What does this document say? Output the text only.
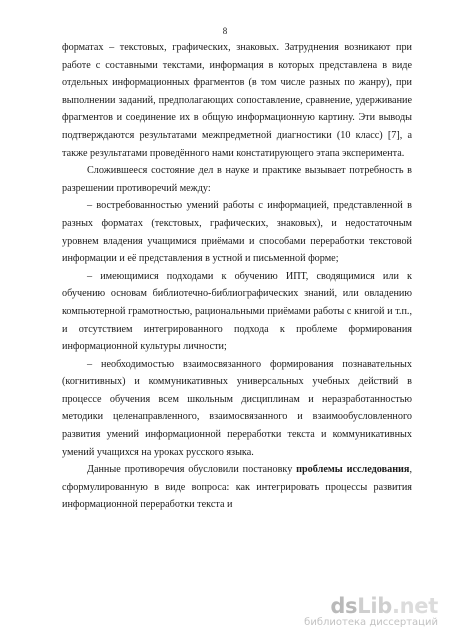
8

форматах – текстовых, графических, знаковых. Затруднения возникают при работе с составными текстами, информация в которых представлена в виде отдельных информационных фрагментов (в том числе разных по жанру), при выполнении заданий, предполагающих сопоставление, сравнение, удерживание фрагментов и соединение их в общую информационную картину. Эти выводы подтверждаются результатами межпредметной диагностики (10 класс) [7], а также результатами проведённого нами констатирующего этапа эксперимента.

Сложившееся состояние дел в науке и практике вызывает потребность в разрешении противоречий между:

– востребованностью умений работы с информацией, представленной в разных форматах (текстовых, графических, знаковых), и недостаточным уровнем владения учащимися приёмами и способами переработки текстовой информации и её представления в устной и письменной форме;

– имеющимися подходами к обучению ИПТ, сводящимися или к обучению основам библиотечно-библиографических знаний, или овладению компьютерной грамотностью, рациональными приёмами работы с книгой и т.п., и отсутствием интегрированного подхода к проблеме формирования информационной культуры личности;

– необходимостью взаимосвязанного формирования познавательных (когнитивных) и коммуникативных универсальных учебных действий в процессе обучения всем школьным дисциплинам и неразработанностью методики целенаправленного, взаимосвязанного и взаимообусловленного развития умений информационной переработки текста и коммуникативных умений учащихся на уроках русского языка.

Данные противоречия обусловили постановку проблемы исследования, сформулированную в виде вопроса: как интегрировать процессы развития информационной переработки текста и

dsLib.net
библиотека диссертаций
